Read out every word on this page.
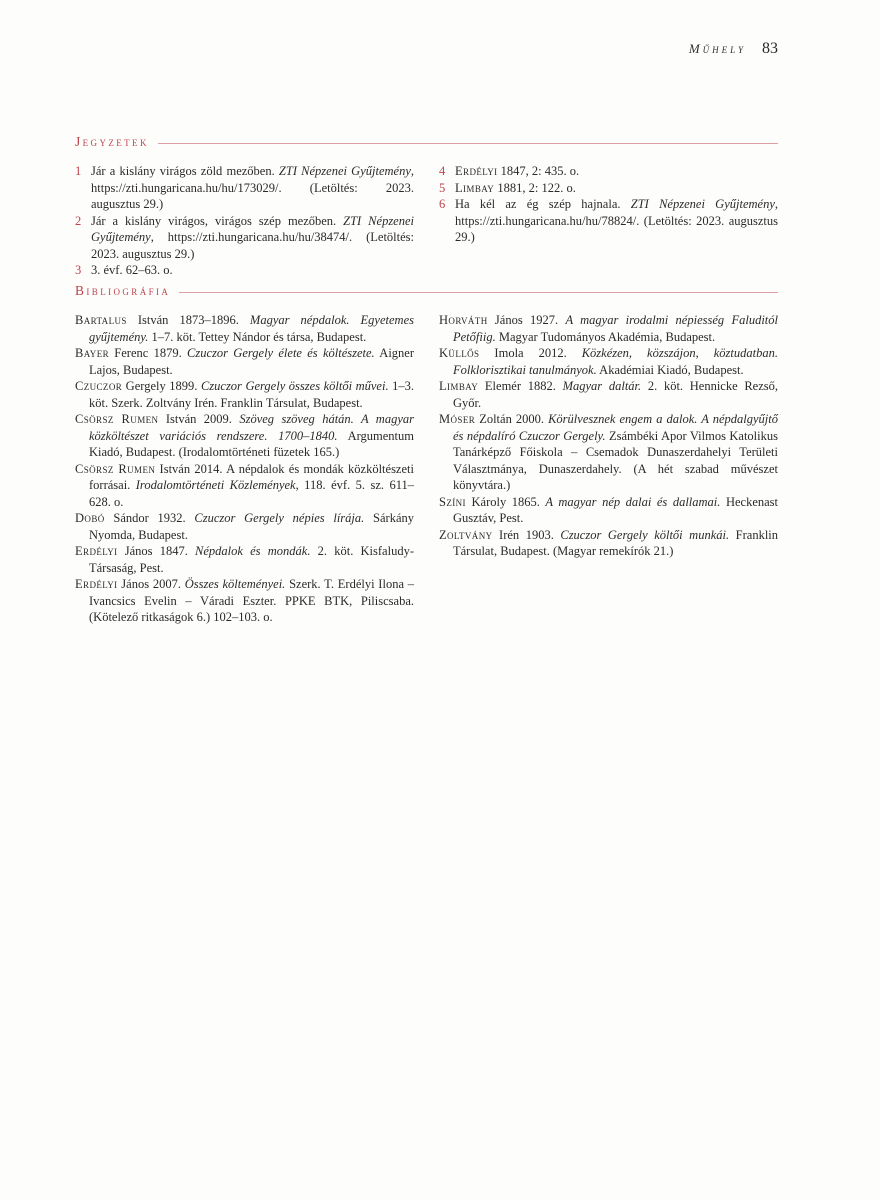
Műhely 83
Jegyzetek
1 Jár a kislány virágos zöld mezőben. ZTI Népzenei Gyűjtemény, https://zti.hungaricana.hu/hu/173029/. (Letöltés: 2023. augusztus 29.)
2 Jár a kislány virágos, virágos szép mezőben. ZTI Népzenei Gyűjtemény, https://zti.hungaricana.hu/hu/38474/. (Letöltés: 2023. augusztus 29.)
3 3. évf. 62–63. o.
4 Erdélyi 1847, 2: 435. o.
5 Limbay 1881, 2: 122. o.
6 Ha kél az ég szép hajnala. ZTI Népzenei Gyűjtemény, https://zti.hungaricana.hu/hu/78824/. (Letöltés: 2023. augusztus 29.)
Bibliográfia

Bartalus István 1873–1896. Magyar népdalok. Egyetemes gyűjtemény. 1–7. köt. Tettey Nándor és társa, Budapest.

Bayer Ferenc 1879. Czuczor Gergely élete és költészete. Aigner Lajos, Budapest.

Czuczor Gergely 1899. Czuczor Gergely összes költői művei. 1–3. köt. Szerk. Zoltvány Irén. Franklin Társulat, Budapest.

Csörsz Rumen István 2009. Szöveg szöveg hátán. A magyar közköltészet variációs rendszere. 1700–1840. Argumentum Kiadó, Budapest. (Irodalomtörténeti füzetek 165.)

Csörsz Rumen István 2014. A népdalok és mondák közköltészeti forrásai. Irodalomtörténeti Közlemények, 118. évf. 5. sz. 611–628. o.

Dobó Sándor 1932. Czuczor Gergely népies lírája. Sárkány Nyomda, Budapest.

Erdélyi János 1847. Népdalok és mondák. 2. köt. Kisfaludy-Társaság, Pest.

Erdélyi János 2007. Összes költeményei. Szerk. T. Erdélyi Ilona – Ivancsics Evelin – Váradi Eszter. PPKE BTK, Piliscsaba. (Kötelező ritkaságok 6.) 102–103. o.

Horváth János 1927. A magyar irodalmi népiesség Faluditól Petőfiig. Magyar Tudományos Akadémia, Budapest.

Küllős Imola 2012. Közkézen, közszájon, köztudatban. Folklorisztikai tanulmányok. Akadémiai Kiadó, Budapest.

Limbay Elemér 1882. Magyar daltár. 2. köt. Hennicke Rezső, Győr.

Móser Zoltán 2000. Körülvesznek engem a dalok. A népdalgyűjtő és népdalíró Czuczor Gergely. Zsámbéki Apor Vilmos Katolikus Tanárképző Főiskola – Csemadok Dunaszerdahelyi Területi Választmánya, Dunaszerdahely. (A hét szabad művészet könyvtára.)

Színi Károly 1865. A magyar nép dalai és dallamai. Heckenast Gusztáv, Pest.

Zoltvány Irén 1903. Czuczor Gergely költői munkái. Franklin Társulat, Budapest. (Magyar remekírók 21.)
